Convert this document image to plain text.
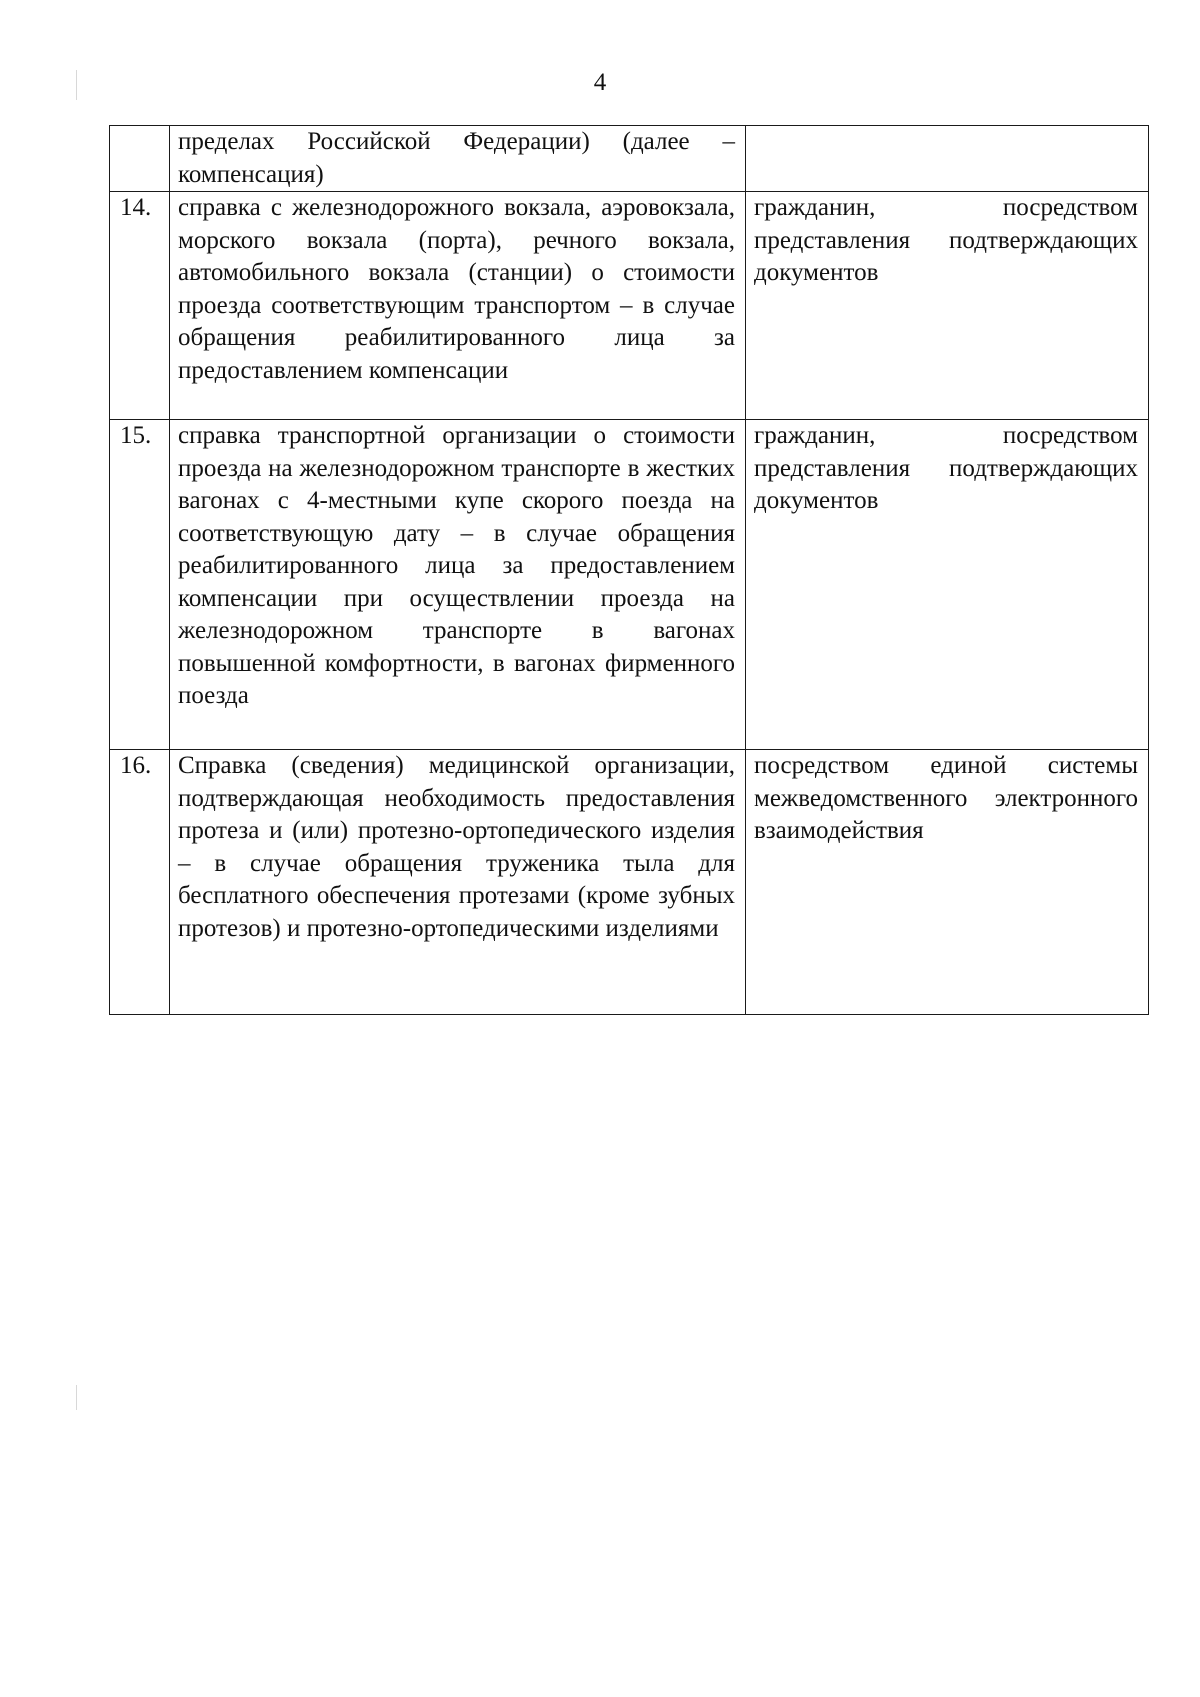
4
	пределах Российской Федерации) (далее – компенсация)	
14.	справка с железнодорожного вокзала, аэровокзала, морского вокзала (порта), речного вокзала, автомобильного вокзала (станции) о стоимости проезда соответствующим транспортом – в случае обращения реабилитированного лица за предоставлением компенсации	гражданин, посредством представления подтверждающих документов
15.	справка транспортной организации о стоимости проезда на железнодорожном транспорте в жестких вагонах с 4-местными купе скорого поезда на соответствующую дату – в случае обращения реабилитированного лица за предоставлением компенсации при осуществлении проезда на железнодорожном транспорте в вагонах повышенной комфортности, в вагонах фирменного поезда	гражданин, посредством представления подтверждающих документов
16.	Справка (сведения) медицинской организации, подтверждающая необходимость предоставления протеза и (или) протезно-ортопедического изделия – в случае обращения труженика тыла для бесплатного обеспечения протезами (кроме зубных протезов) и протезно-ортопедическими изделиями	посредством единой системы межведомственного электронного взаимодействия
